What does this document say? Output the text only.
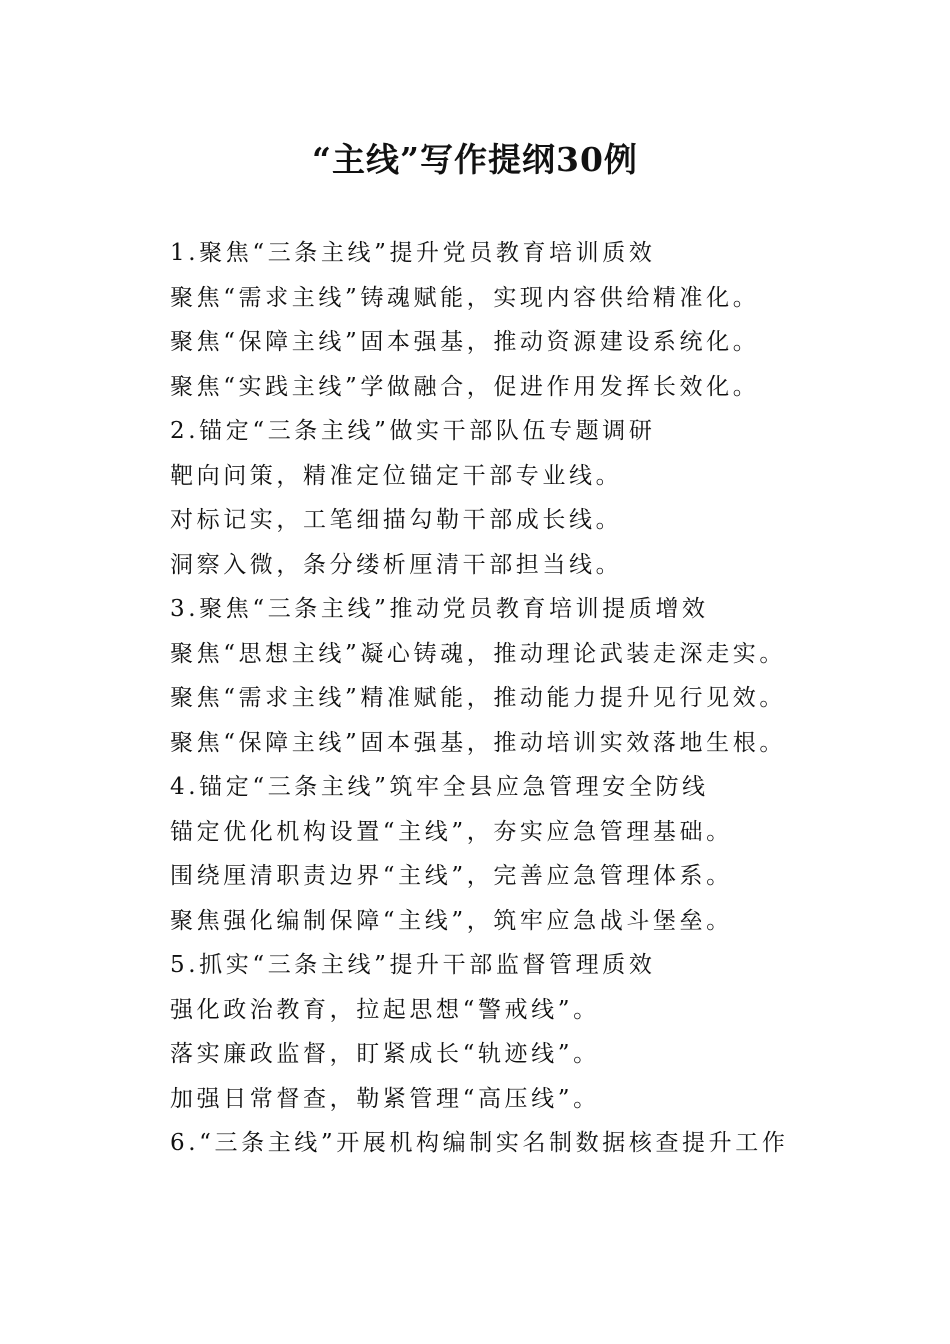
“主线”写作提纲30例
1.聚焦“三条主线”提升党员教育培训质效
聚焦“需求主线”铸魂赋能，实现内容供给精准化。
聚焦“保障主线”固本强基，推动资源建设系统化。
聚焦“实践主线”学做融合，促进作用发挥长效化。
2.锚定“三条主线”做实干部队伍专题调研
靶向问策，精准定位锚定干部专业线。
对标记实，工笔细描勾勒干部成长线。
洞察入微，条分缕析厘清干部担当线。
3.聚焦“三条主线”推动党员教育培训提质增效
聚焦“思想主线”凝心铸魂，推动理论武装走深走实。
聚焦“需求主线”精准赋能，推动能力提升见行见效。
聚焦“保障主线”固本强基，推动培训实效落地生根。
4.锚定“三条主线”筑牢全县应急管理安全防线
锚定优化机构设置“主线”，夯实应急管理基础。
围绕厘清职责边界“主线”，完善应急管理体系。
聚焦强化编制保障“主线”，筑牢应急战斗堡垒。
5.抓实“三条主线”提升干部监督管理质效
强化政治教育，拉起思想“警戒线”。
落实廉政监督，盯紧成长“轨迹线”。
加强日常督查，勒紧管理“高压线”。
6.“三条主线”开展机构编制实名制数据核查提升工作
